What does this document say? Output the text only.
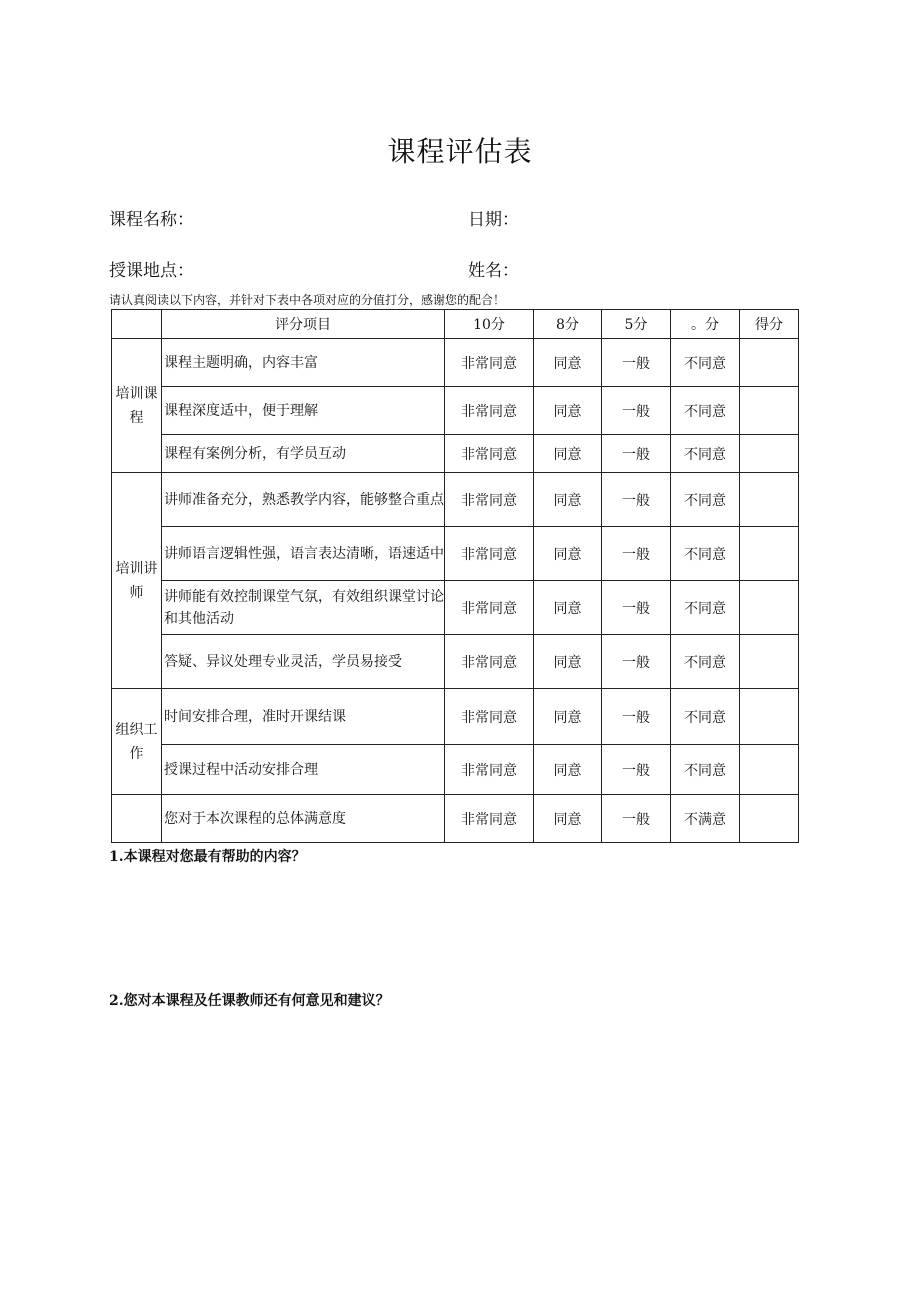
课程评估表
课程名称：	日期：
授课地点：	姓名：
请认真阅读以下内容，并针对下表中各项对应的分值打分，感谢您的配合！
	评分项目	10分	8分	5分	。分	得分
培训课程	课程主题明确，内容丰富	非常同意	同意	一般	不同意	
	课程深度适中，便于理解	非常同意	同意	一般	不同意	
	课程有案例分析，有学员互动	非常同意	同意	一般	不同意	
培训讲师	讲师准备充分，熟悉教学内容，能够整合重点	非常同意	同意	一般	不同意	
	讲师语言逻辑性强，语言表达清晰，语速适中	非常同意	同意	一般	不同意	
	讲师能有效控制课堂气氛，有效组织课堂讨论和其他活动	非常同意	同意	一般	不同意	
	答疑、异议处理专业灵活，学员易接受	非常同意	同意	一般	不同意	
组织工作	时间安排合理，准时开课结课	非常同意	同意	一般	不同意	
	授课过程中活动安排合理	非常同意	同意	一般	不同意	
	您对于本次课程的总体满意度	非常同意	同意	一般	不满意	
1.本课程对您最有帮助的内容？
2.您对本课程及任课教师还有何意见和建议？
